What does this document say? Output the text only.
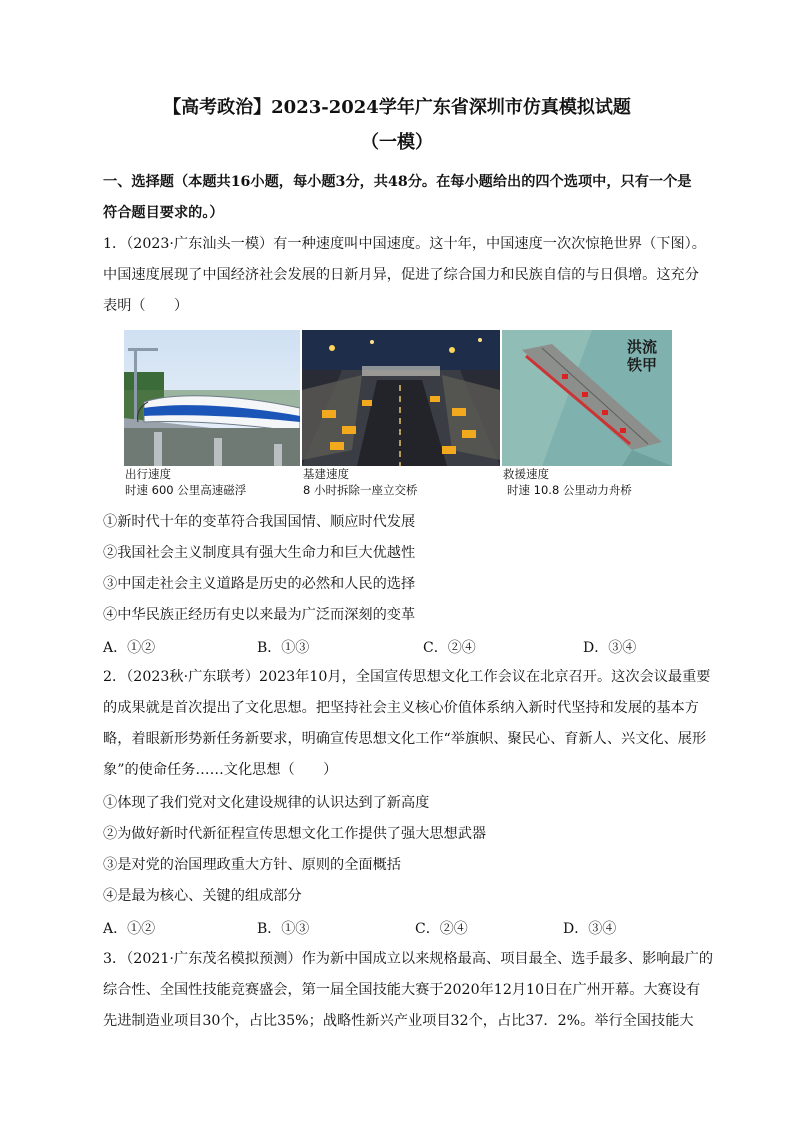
【高考政治】2023-2024学年广东省深圳市仿真模拟试题
（一模）
一、选择题（本题共16小题，每小题3分，共48分。在每小题给出的四个选项中，只有一个是
符合题目要求的。）
1．（2023·广东汕头一模）有一种速度叫中国速度。这十年，中国速度一次次惊艳世界（下图）。
中国速度展现了中国经济社会发展的日新月异，促进了综合国力和民族自信的与日俱增。这充分
表明（　　）
洪流铁甲
出行速度
时速 600 公里高速磁浮
基建速度
8 小时拆除一座立交桥
救援速度
时速 10.8 公里动力舟桥
①新时代十年的变革符合我国国情、顺应时代发展
②我国社会主义制度具有强大生命力和巨大优越性
③中国走社会主义道路是历史的必然和人民的选择
④中华民族正经历有史以来最为广泛而深刻的变革
A．①②	B．①③	C．②④	D．③④
2．（2023秋·广东联考）2023年10月，全国宣传思想文化工作会议在北京召开。这次会议最重要
的成果就是首次提出了文化思想。把坚持社会主义核心价值体系纳入新时代坚持和发展的基本方
略，着眼新形势新任务新要求，明确宣传思想文化工作“举旗帜、聚民心、育新人、兴文化、展形
象”的使命任务……文化思想（　　）
①体现了我们党对文化建设规律的认识达到了新高度
②为做好新时代新征程宣传思想文化工作提供了强大思想武器
③是对党的治国理政重大方针、原则的全面概括
④是最为核心、关键的组成部分
A．①②	B．①③	C．②④	D．③④
3．（2021·广东茂名模拟预测）作为新中国成立以来规格最高、项目最全、选手最多、影响最广的
综合性、全国性技能竞赛盛会，第一届全国技能大赛于2020年12月10日在广州开幕。大赛设有
先进制造业项目30个，占比35%；战略性新兴产业项目32个，占比37．2%。举行全国技能大
